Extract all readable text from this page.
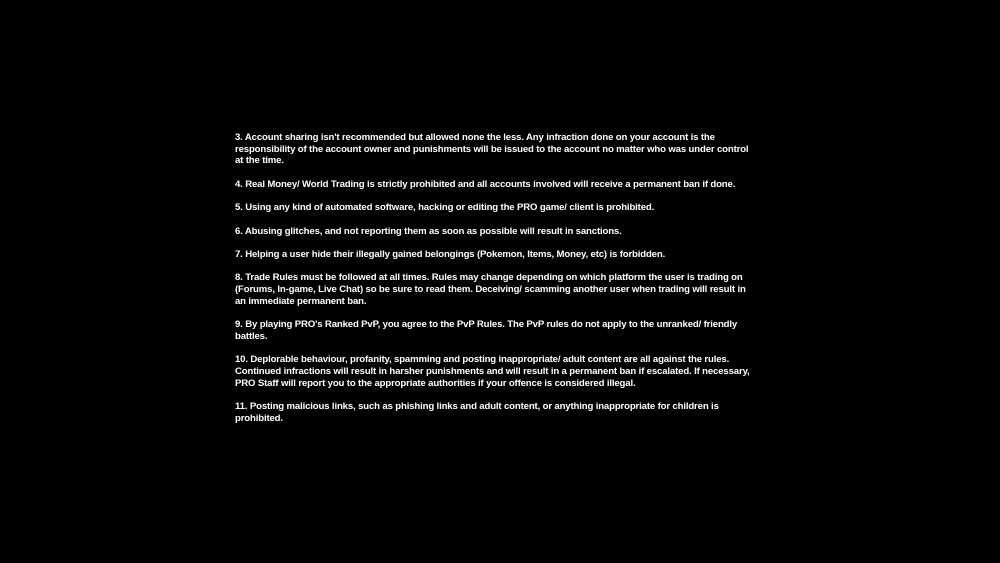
3. Account sharing isn't recommended but allowed none the less. Any infraction done on your account is the responsibility of the account owner and punishments will be issued to the account no matter who was under control at the time.

4. Real Money/ World Trading is strictly prohibited and all accounts involved will receive a permanent ban if done.

5. Using any kind of automated software, hacking or editing the PRO game/ client is prohibited.

6. Abusing glitches, and not reporting them as soon as possible will result in sanctions.

7. Helping a user hide their illegally gained belongings (Pokemon, Items, Money, etc) is forbidden.

8. Trade Rules must be followed at all times. Rules may change depending on which platform the user is trading on (Forums, In-game, Live Chat) so be sure to read them. Deceiving/ scamming another user when trading will result in an immediate permanent ban.

9. By playing PRO's Ranked PvP, you agree to the PvP Rules. The PvP rules do not apply to the unranked/ friendly battles.

10. Deplorable behaviour, profanity, spamming and posting inappropriate/ adult content are all against the rules. Continued infractions will result in harsher punishments and will result in a permanent ban if escalated. If necessary, PRO Staff will report you to the appropriate authorities if your offence is considered illegal.

11. Posting malicious links, such as phishing links and adult content, or anything inappropriate for children is prohibited.
